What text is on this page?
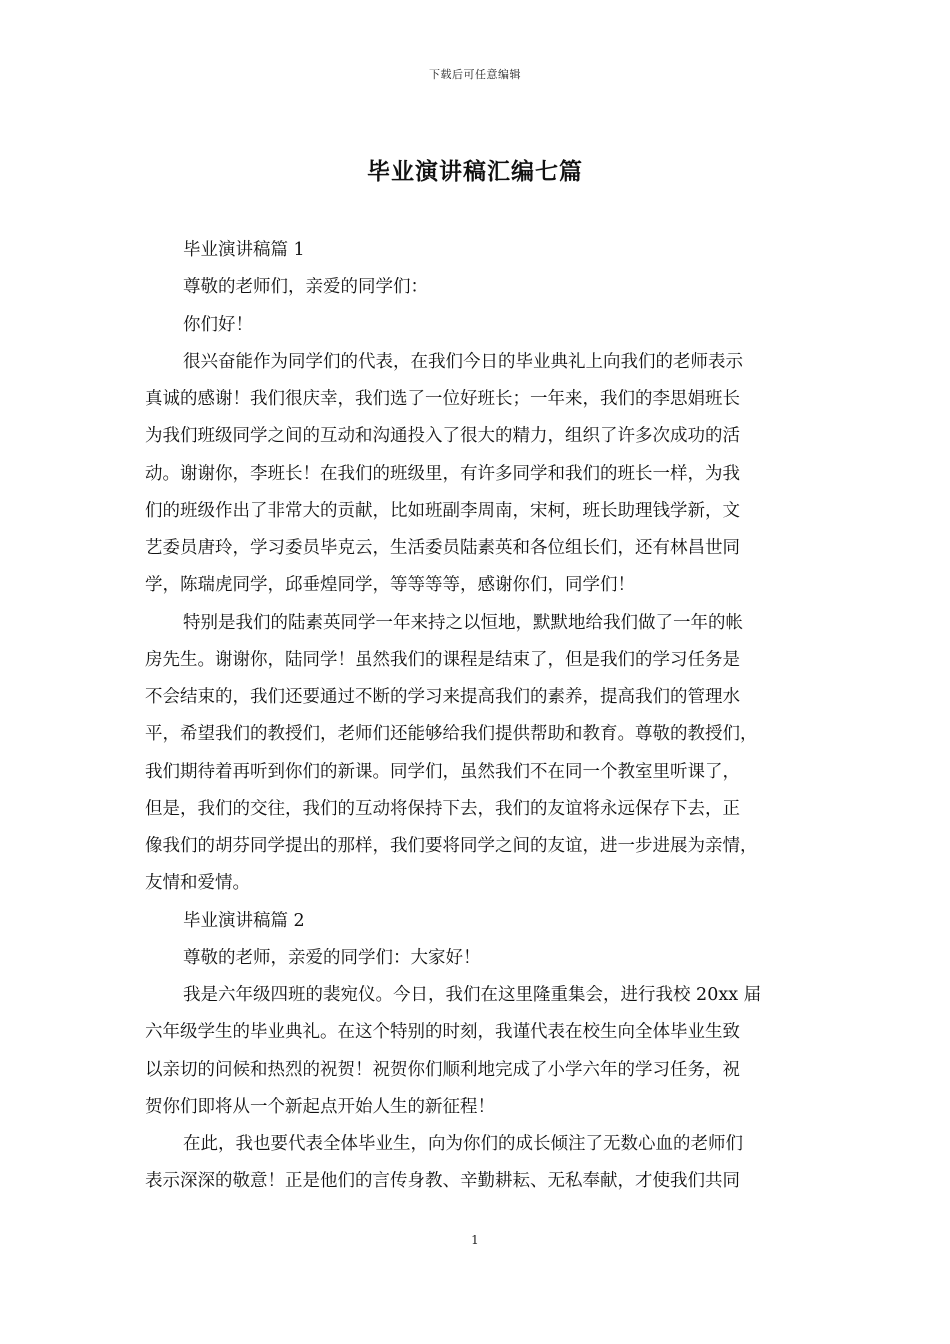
下载后可任意编辑
毕业演讲稿汇编七篇
毕业演讲稿篇 1
尊敬的老师们，亲爱的同学们：
你们好！
很兴奋能作为同学们的代表，在我们今日的毕业典礼上向我们的老师表示
真诚的感谢！我们很庆幸，我们选了一位好班长；一年来，我们的李思娟班长
为我们班级同学之间的互动和沟通投入了很大的精力，组织了许多次成功的活
动。谢谢你，李班长！在我们的班级里，有许多同学和我们的班长一样，为我
们的班级作出了非常大的贡献，比如班副李周南，宋柯，班长助理钱学新，文
艺委员唐玲，学习委员毕克云，生活委员陆素英和各位组长们，还有林昌世同
学，陈瑞虎同学，邱垂煌同学，等等等等，感谢你们，同学们！
特别是我们的陆素英同学一年来持之以恒地，默默地给我们做了一年的帐
房先生。谢谢你，陆同学！虽然我们的课程是结束了，但是我们的学习任务是
不会结束的，我们还要通过不断的学习来提高我们的素养，提高我们的管理水
平，希望我们的教授们，老师们还能够给我们提供帮助和教育。尊敬的教授们，
我们期待着再听到你们的新课。同学们，虽然我们不在同一个教室里听课了，
但是，我们的交往，我们的互动将保持下去，我们的友谊将永远保存下去，正
像我们的胡芬同学提出的那样，我们要将同学之间的友谊，进一步进展为亲情，
友情和爱情。
毕业演讲稿篇 2
尊敬的老师，亲爱的同学们：大家好！
我是六年级四班的裴宛仪。今日，我们在这里隆重集会，进行我校 20xx 届
六年级学生的毕业典礼。在这个特别的时刻，我谨代表在校生向全体毕业生致
以亲切的问候和热烈的祝贺！祝贺你们顺利地完成了小学六年的学习任务，祝
贺你们即将从一个新起点开始人生的新征程！
在此，我也要代表全体毕业生，向为你们的成长倾注了无数心血的老师们
表示深深的敬意！正是他们的言传身教、辛勤耕耘、无私奉献，才使我们共同
1
